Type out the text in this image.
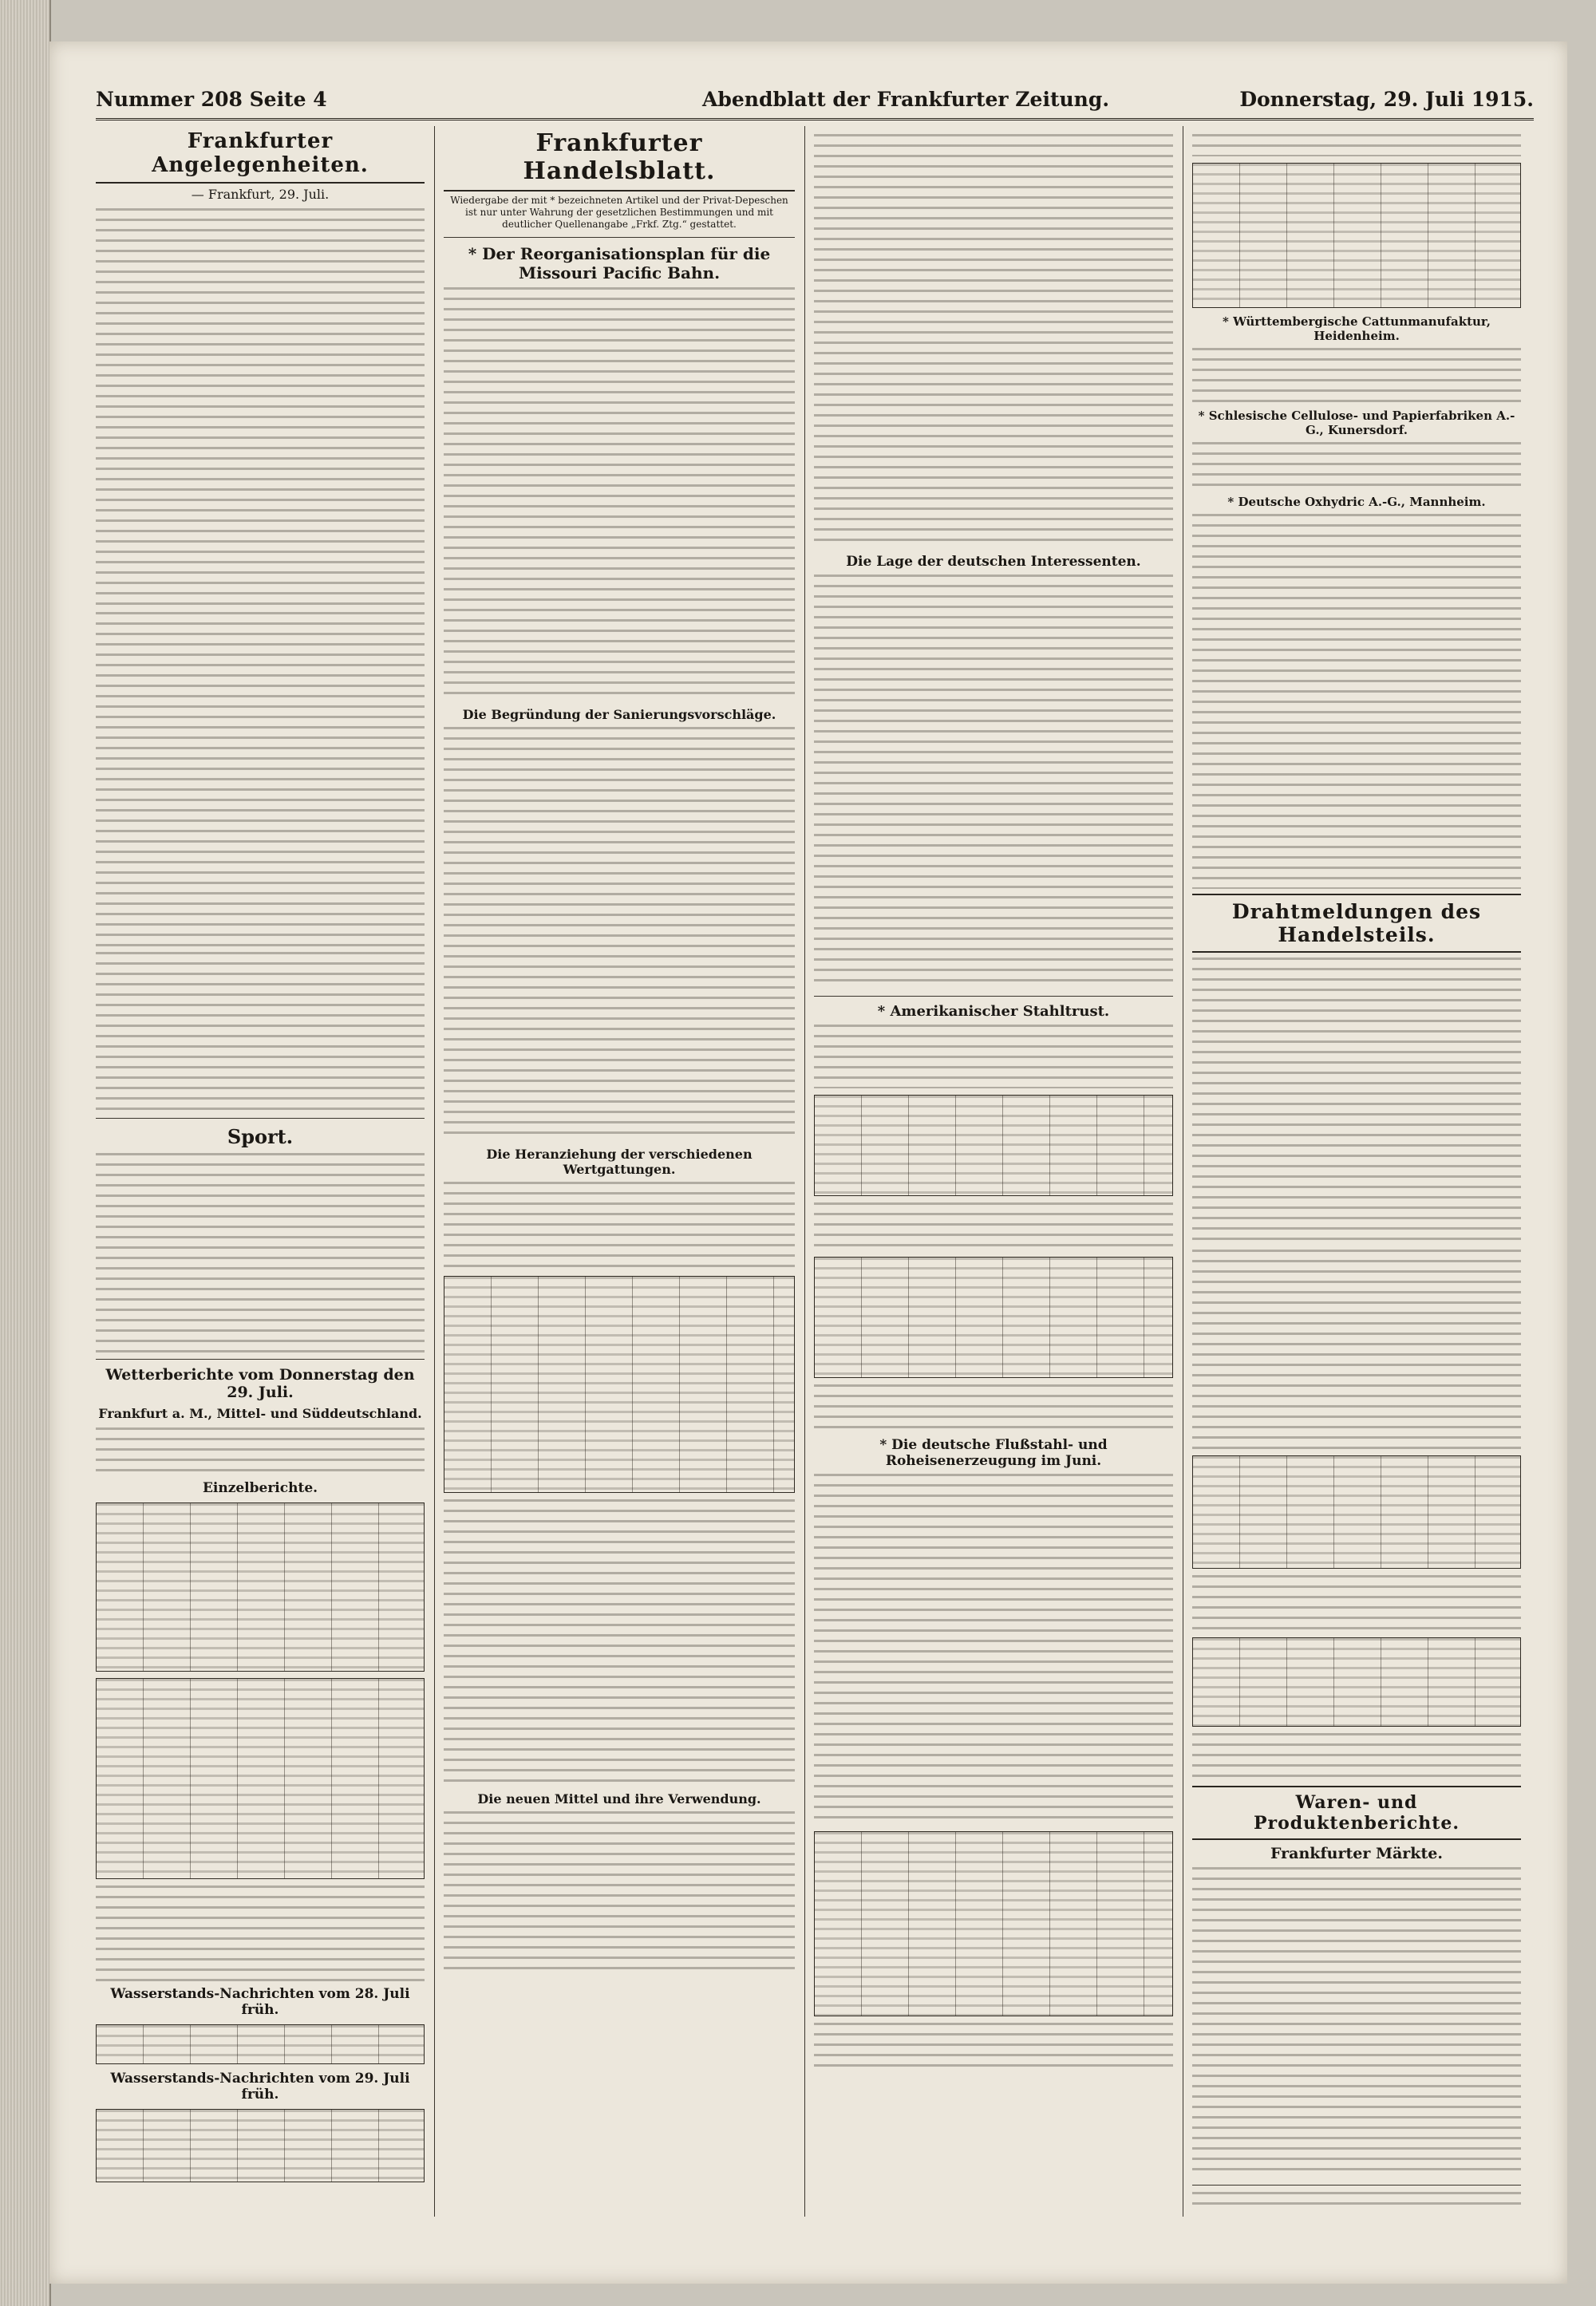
Nummer 208 Seite 4	Abendblatt der Frankfurter Zeitung.	Donnerstag, 29. Juli 1915.
Frankfurter Angelegenheiten.
— Frankfurt, 29. Juli.
Sport.
Wetterberichte vom Donnerstag den 29. Juli.
Frankfurt a. M., Mittel- und Süddeutschland.
Einzelberichte.
Wasserstands-Nachrichten vom 28. Juli früh.
Wasserstands-Nachrichten vom 29. Juli früh.
Frankfurter Handelsblatt.
Wiedergabe der mit * bezeichneten Artikel und der Privat-Depeschen ist nur unter Wahrung der gesetzlichen Bestimmungen und mit deutlicher Quellenangabe „Frkf. Ztg.“ gestattet.
* Der Reorganisationsplan für die Missouri Pacific Bahn.
Die Begründung der Sanierungsvorschläge.
Die Heranziehung der verschiedenen Wertgattungen.
Die neuen Mittel und ihre Verwendung.
Die Lage der deutschen Interessenten.
* Amerikanischer Stahltrust.
* Die deutsche Flußstahl- und Roheisenerzeugung im Juni.
* Württembergische Cattunmanufaktur, Heidenheim.
* Schlesische Cellulose- und Papierfabriken A.-G., Kunersdorf.
* Deutsche Oxhydric A.-G., Mannheim.
Drahtmeldungen des Handelsteils.
Waren- und Produktenberichte.
Frankfurter Märkte.
